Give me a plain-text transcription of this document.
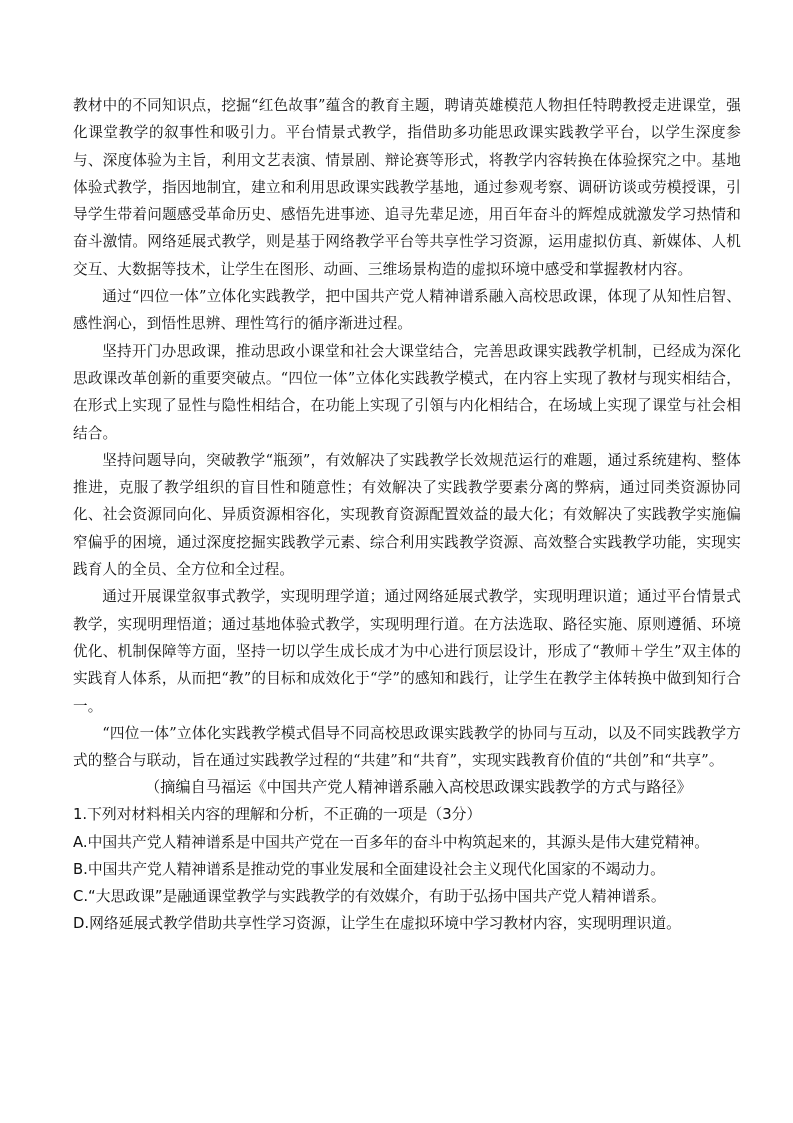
教材中的不同知识点，挖掘“红色故事”蕴含的教育主题，聘请英雄模范人物担任特聘教授走进课堂，强化课堂教学的叙事性和吸引力。平台情景式教学，指借助多功能思政课实践教学平台，以学生深度参与、深度体验为主旨，利用文艺表演、情景剧、辩论赛等形式，将教学内容转换在体验探究之中。基地体验式教学，指因地制宜，建立和利用思政课实践教学基地，通过参观考察、调研访谈或劳模授课，引导学生带着问题感受革命历史、感悟先进事迹、追寻先辈足迹，用百年奋斗的辉煌成就激发学习热情和奋斗激情。网络延展式教学，则是基于网络教学平台等共享性学习资源，运用虚拟仿真、新媒体、人机交互、大数据等技术，让学生在图形、动画、三维场景构造的虚拟环境中感受和掌握教材内容。

通过“四位一体”立体化实践教学，把中国共产党人精神谱系融入高校思政课，体现了从知性启智、感性润心，到悟性思辨、理性笃行的循序渐进过程。

坚持开门办思政课，推动思政小课堂和社会大课堂结合，完善思政课实践教学机制，已经成为深化思政课改革创新的重要突破点。“四位一体”立体化实践教学模式，在内容上实现了教材与现实相结合，在形式上实现了显性与隐性相结合，在功能上实现了引領与内化相结合，在场域上实现了课堂与社会相结合。

坚持问题导向，突破教学“瓶颈”，有效解决了实践教学长效规范运行的难题，通过系统建构、整体推进，克服了教学组织的盲目性和随意性；有效解决了实践教学要素分离的弊病，通过同类资源协同化、社会资源同向化、异质资源相容化，实现教育资源配置效益的最大化；有效解决了实践教学实施偏窄偏乎的困境，通过深度挖掘实践教学元素、综合利用实践教学资源、高效整合实践教学功能，实现实践育人的全员、全方位和全过程。

通过开展课堂叙事式教学，实现明理学道；通过网络延展式教学，实现明理识道；通过平台情景式教学，实现明理悟道；通过基地体验式教学，实现明理行道。在方法选取、路径实施、原则遵循、环境优化、机制保障等方面，坚持一切以学生成长成才为中心进行顶层设计，形成了“教师＋学生”双主体的实践育人体系，从而把“教”的目标和成效化于“学”的感知和践行，让学生在教学主体转换中做到知行合一。

“四位一体”立体化实践教学模式倡导不同高校思政课实践教学的协同与互动，以及不同实践教学方式的整合与联动，旨在通过实践教学过程的“共建”和“共育”，实现实践教育价值的“共创”和“共享”。

（摘编自马福运《中国共产党人精神谱系融入高校思政课实践教学的方式与路径》

1.下列对材料相关内容的理解和分析，不正确的一项是（3分）

A.中国共产党人精神谱系是中国共产党在一百多年的奋斗中构筑起来的，其源头是伟大建党精神。

B.中国共产党人精神谱系是推动党的事业发展和全面建设社会主义现代化国家的不竭动力。

C.“大思政课”是融通课堂教学与实践教学的有效媒介，有助于弘扬中国共产党人精神谱系。

D.网络延展式教学借助共享性学习资源，让学生在虚拟环境中学习教材内容，实现明理识道。
